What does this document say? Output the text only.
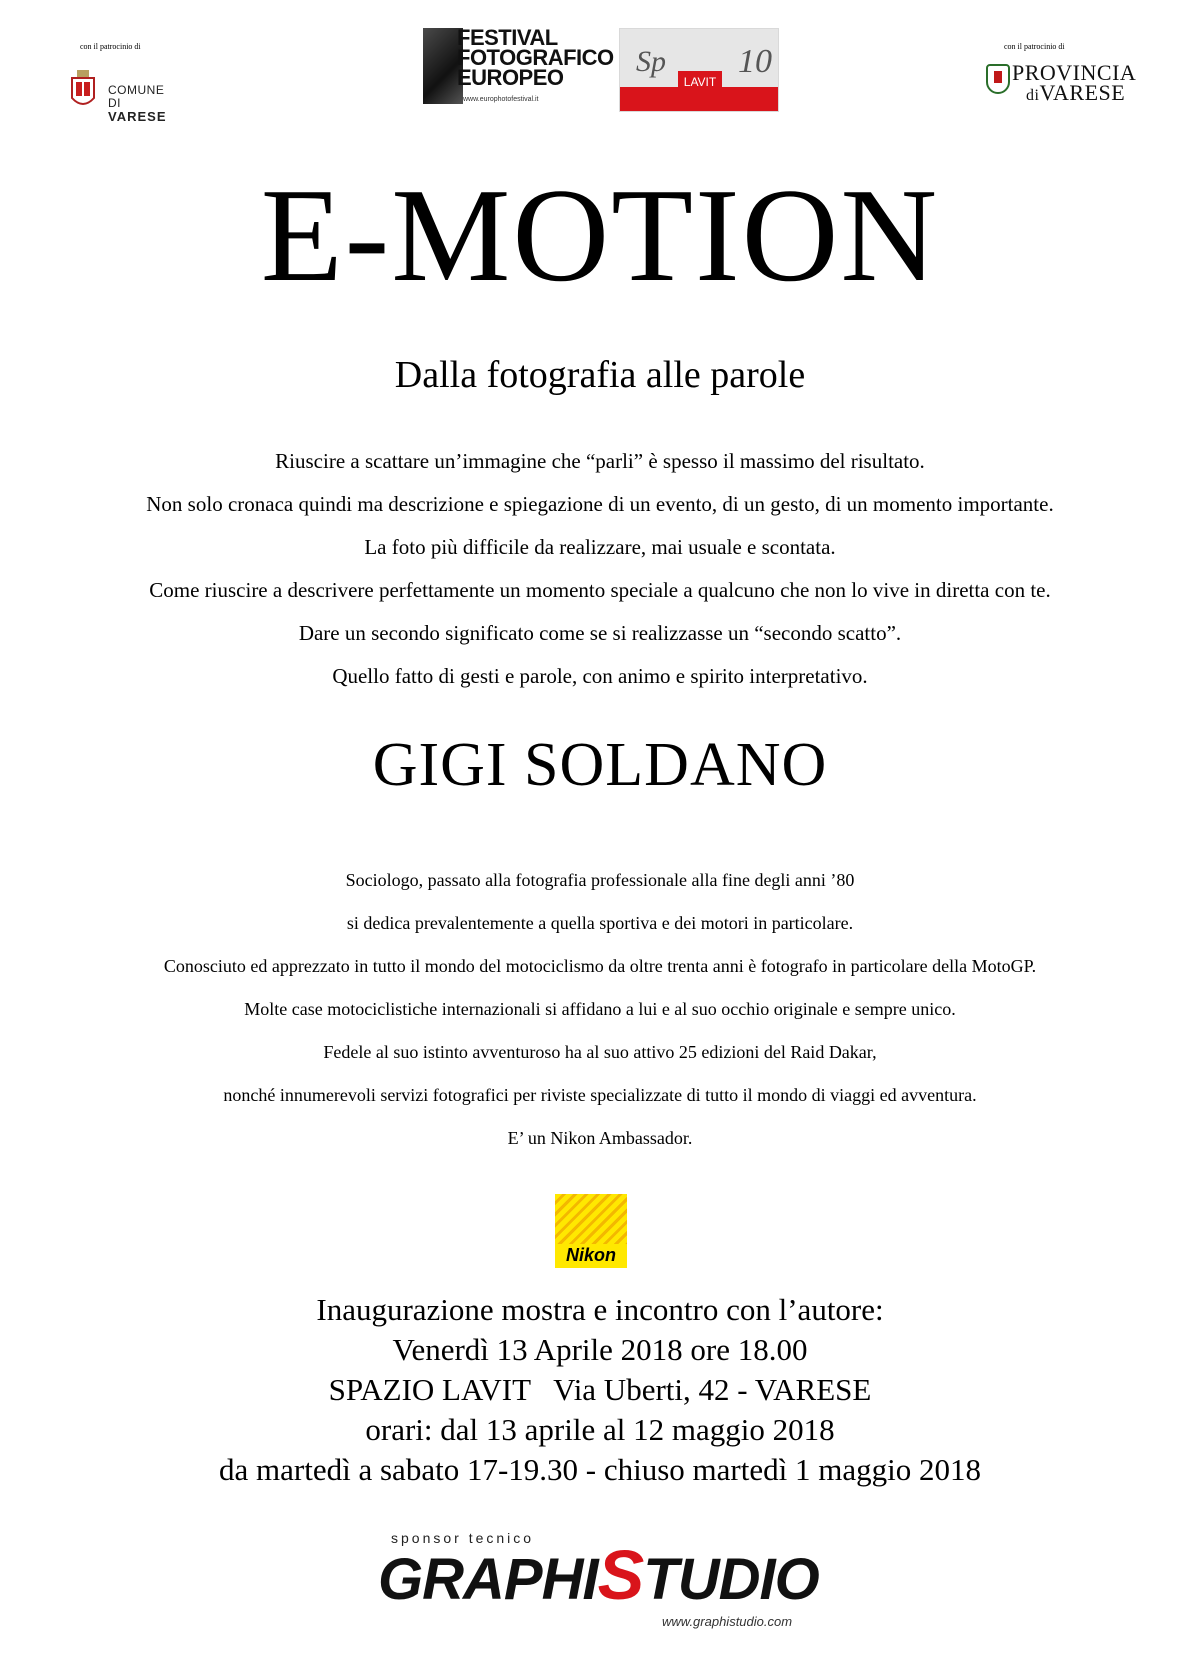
con il patrocinio di
COMUNE DI
VARESE
FESTIVAL
FOTOGRAFICO
EUROPEO
www.europhotofestival.it
Sp
LAVIT
10	con il patrocinio di
PROVINCIA
diVARESE
E-MOTION
Dalla fotografia alle parole
Riuscire a scattare un’immagine che “parli” è spesso il massimo del risultato.
Non solo cronaca quindi ma descrizione e spiegazione di un evento, di un gesto, di un momento importante.
La foto più difficile da realizzare, mai usuale e scontata.
Come riuscire a descrivere perfettamente un momento speciale a qualcuno che non lo vive in diretta con te.
Dare un secondo significato come se si realizzasse un “secondo scatto”.
Quello fatto di gesti e parole, con animo e spirito interpretativo.
GIGI SOLDANO
Sociologo, passato alla fotografia professionale alla fine degli anni ’80
si dedica prevalentemente a quella sportiva e dei motori in particolare.
Conosciuto ed apprezzato in tutto il mondo del motociclismo da oltre trenta anni è fotografo in particolare della MotoGP.
Molte case motociclistiche internazionali si affidano a lui e al suo occhio originale e sempre unico.
Fedele al suo istinto avventuroso ha al suo attivo 25 edizioni del Raid Dakar,
nonché innumerevoli servizi fotografici per riviste specializzate di tutto il mondo di viaggi ed avventura.
E’ un Nikon Ambassador.
Nikon
Inaugurazione mostra e incontro con l’autore:
Venerdì 13 Aprile 2018 ore 18.00
SPAZIO LAVIT   Via Uberti, 42 - VARESE
orari: dal 13 aprile al 12 maggio 2018
da martedì a sabato 17-19.30 - chiuso martedì 1 maggio 2018
sponsor tecnico
GRAPHISTUDIO
www.graphistudio.com
